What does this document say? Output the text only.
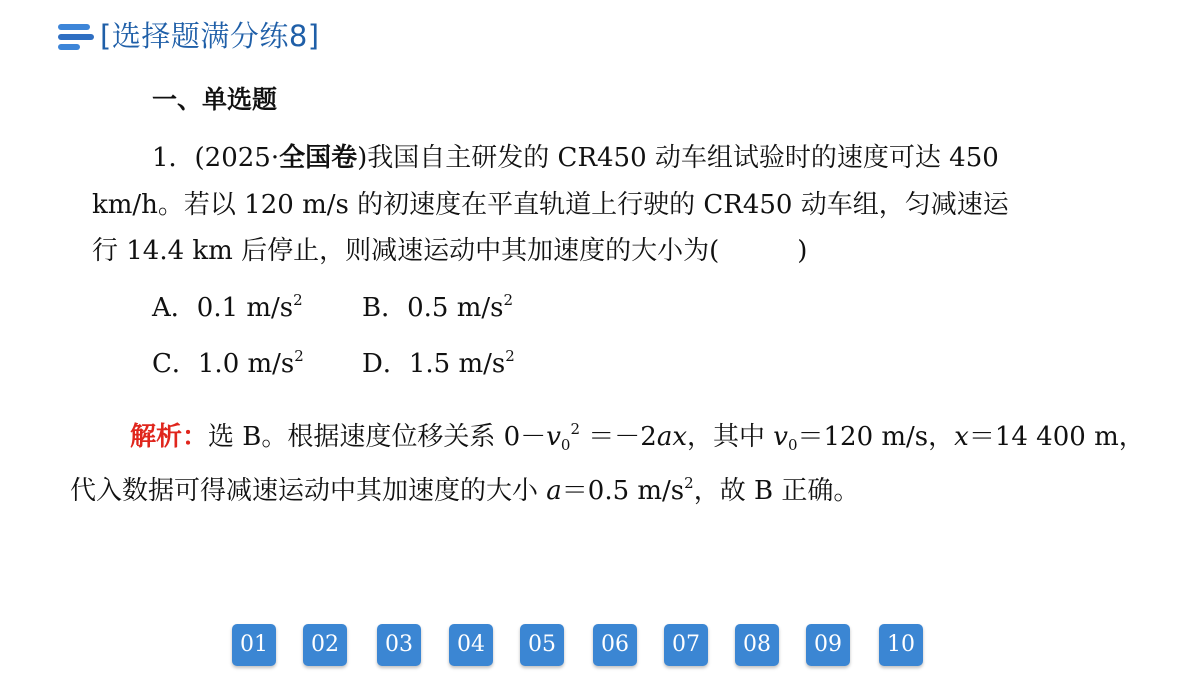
[选择题满分练8]
一、单选题
1．(2025·全国卷)我国自主研发的 CR450 动车组试验时的速度可达 450
km/h。若以 120 m/s 的初速度在平直轨道上行驶的 CR450 动车组，匀减速运
行 14.4 km 后停止，则减速运动中其加速度的大小为(	)
A．0.1 $m/s^2$ B．0.5 $m/s^2$
C．1.0 $m/s^2$ D．1.5 $m/s^2$
解析：选 B。根据速度位移关系 $0-v_0^2 =-2ax$，其中 $v_0=120$ m/s，x＝14 400 m，
代入数据可得减速运动中其加速度的大小 a＝0.5 $m/s^2$，故 B 正确。
01	02	03	04	05	06	07	08	09	10
